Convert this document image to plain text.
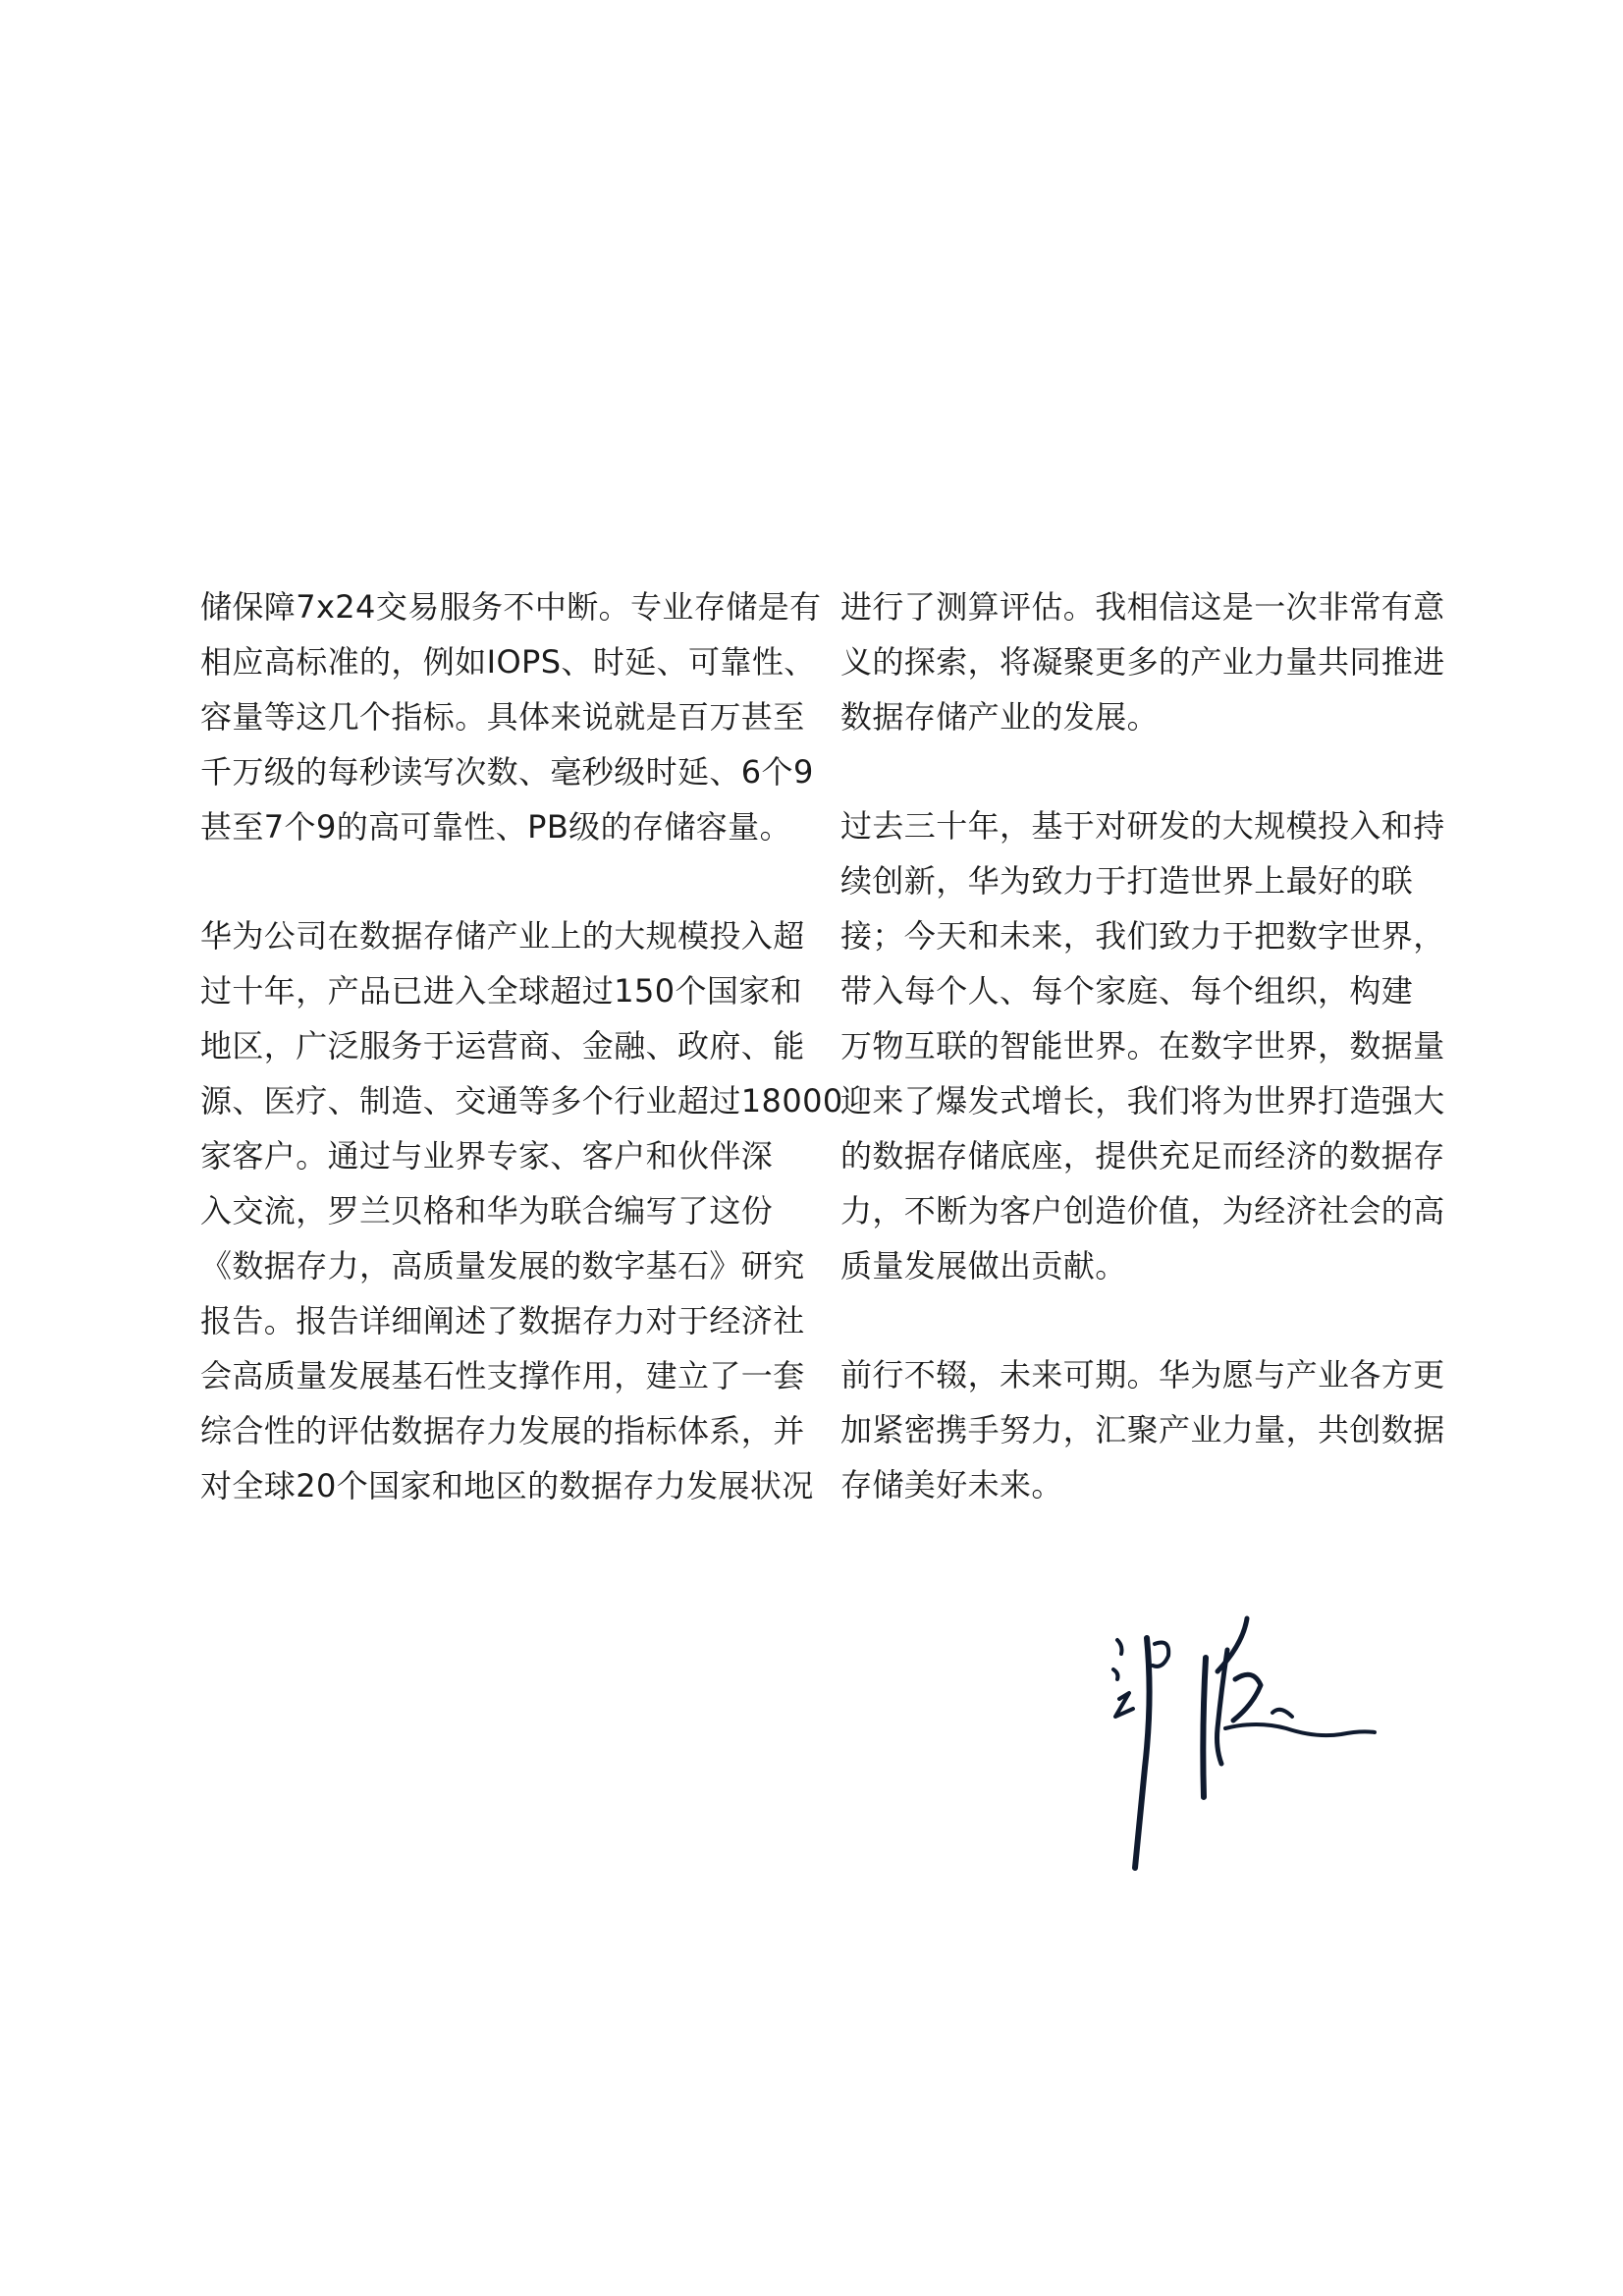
储保障7x24交易服务不中断。专业存储是有
相应高标准的，例如IOPS、时延、可靠性、
容量等这几个指标。具体来说就是百万甚至
千万级的每秒读写次数、毫秒级时延、6个9
甚至7个9的高可靠性、PB级的存储容量。

华为公司在数据存储产业上的大规模投入超
过十年，产品已进入全球超过150个国家和
地区，广泛服务于运营商、金融、政府、能
源、医疗、制造、交通等多个行业超过18000
家客户。通过与业界专家、客户和伙伴深
入交流，罗兰贝格和华为联合编写了这份
《数据存力，高质量发展的数字基石》研究
报告。报告详细阐述了数据存力对于经济社
会高质量发展基石性支撑作用，建立了一套
综合性的评估数据存力发展的指标体系，并
对全球20个国家和地区的数据存力发展状况

进行了测算评估。我相信这是一次非常有意
义的探索，将凝聚更多的产业力量共同推进
数据存储产业的发展。

过去三十年，基于对研发的大规模投入和持
续创新，华为致力于打造世界上最好的联
接；今天和未来，我们致力于把数字世界，
带入每个人、每个家庭、每个组织，构建
万物互联的智能世界。在数字世界，数据量
迎来了爆发式增长，我们将为世界打造强大
的数据存储底座，提供充足而经济的数据存
力，不断为客户创造价值，为经济社会的高
质量发展做出贡献。

前行不辍，未来可期。华为愿与产业各方更
加紧密携手努力，汇聚产业力量，共创数据
存储美好未来。
